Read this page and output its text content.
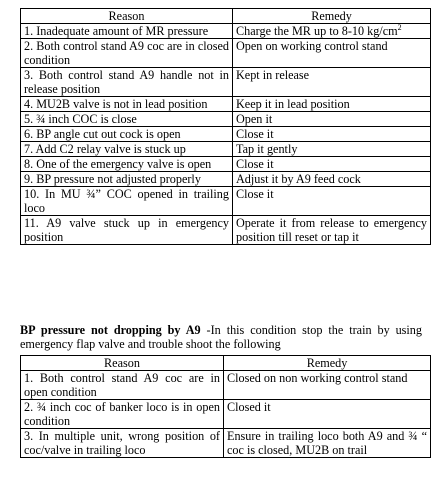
Reason	Remedy
1. Inadequate amount of MR pressure	Charge the MR up to 8-10 $kg/cm^2$
2. Both control stand A9 coc are in closed condition	Open on working control stand
3. Both control stand A9 handle not in release position	Kept in release
4. MU2B valve is not in lead position	Keep it in lead position
5. ¾ inch COC is close	Open it
6. BP angle cut out cock is open	Close it
7. Add C2 relay valve is stuck up	Tap it gently
8. One of the emergency valve is open	Close it
9. BP pressure not adjusted properly	Adjust it by A9 feed cock
10. In MU ¾” COC opened in trailing loco	Close it
11. A9 valve stuck up in emergency position	Operate it from release to emergency position till reset or tap it
BP pressure not dropping by A9 -In this condition stop the train by using emergency flap valve and trouble shoot the following
Reason	Remedy
1. Both control stand A9 coc are in open condition	Closed on non working control stand
2. ¾ inch coc of banker loco is in open condition	Closed it
3. In multiple unit, wrong position of coc/valve in trailing loco	Ensure in trailing loco both A9 and ¾ “ coc is closed, MU2B on trail
